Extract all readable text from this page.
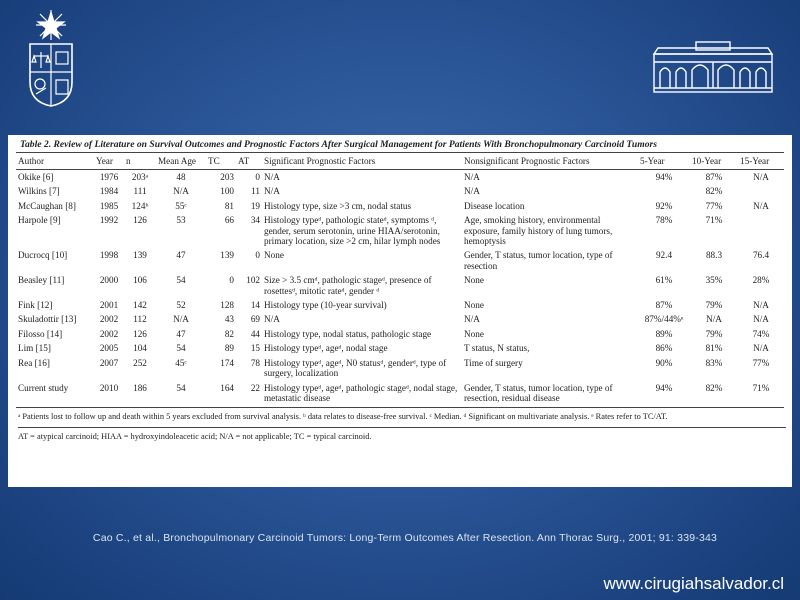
Table 2. Review of Literature on Survival Outcomes and Prognostic Factors After Surgical Management for Patients With Bronchopulmonary Carcinoid Tumors
Author	Year	n	Mean Age	TC	AT	Significant Prognostic Factors	Nonsignificant Prognostic Factors	5-Year	10-Year	15-Year
Okike [6]	1976	203ᵃ	48	203	0	N/A	N/A	94%	87%	N/A
Wilkins [7]	1984	111	N/A	100	11	N/A	N/A		82%	
McCaughan [8]	1985	124ᵇ	55ᶜ	81	19	Histology type, size >3 cm, nodal status	Disease location	92%	77%	N/A
Harpole [9]	1992	126	53	66	34	Histology typeᵈ, pathologic stateᵈ, symptoms ᵈ, gender, serum serotonin, urine HIAA/serotonin, primary location, size >2 cm, hilar lymph nodes	Age, smoking history, environmental exposure, family history of lung tumors, hemoptysis	78%	71%	
Ducrocq [10]	1998	139	47	139	0	None	Gender, T status, tumor location, type of resection	92.4	88.3	76.4
Beasley [11]	2000	106	54	0	102	Size > 3.5 cmᵈ, pathologic stageᵈ, presence of rosettesᵈ, mitotic rateᵈ, gender ᵈ	None	61%	35%	28%
Fink [12]	2001	142	52	128	14	Histology type (10-year survival)	None	87%	79%	N/A
Skuladottir [13]	2002	112	N/A	43	69	N/A	N/A	87%/44%ᵉ	N/A	N/A
Filosso [14]	2002	126	47	82	44	Histology type, nodal status, pathologic stage	None	89%	79%	74%
Lim [15]	2005	104	54	89	15	Histology typeᵈ, ageᵈ, nodal stage	T status, N status,	86%	81%	N/A
Rea [16]	2007	252	45ᶜ	174	78	Histology typeᵈ, ageᵈ, N0 statusᵈ, genderᵈ, type of surgery, localization	Time of surgery	90%	83%	77%
Current study	2010	186	54	164	22	Histology typeᵈ, ageᵈ, pathologic stageᵈ, nodal stage, metastatic disease	Gender, T status, tumor location, type of resection, residual disease	94%	82%	71%
ᵃ Patients lost to follow up and death within 5 years excluded from survival analysis. ᵇ data relates to disease-free survival. ᶜ Median. ᵈ Significant on multivariate analysis. ᵉ Rates refer to TC/AT.
AT = atypical carcinoid; HIAA = hydroxyindoleacetic acid; N/A = not applicable; TC = typical carcinoid.
Cao C., et al., Bronchopulmonary Carcinoid Tumors: Long-Term Outcomes After Resection. Ann Thorac Surg., 2001; 91: 339-343
www.cirugiahsalvador.cl
